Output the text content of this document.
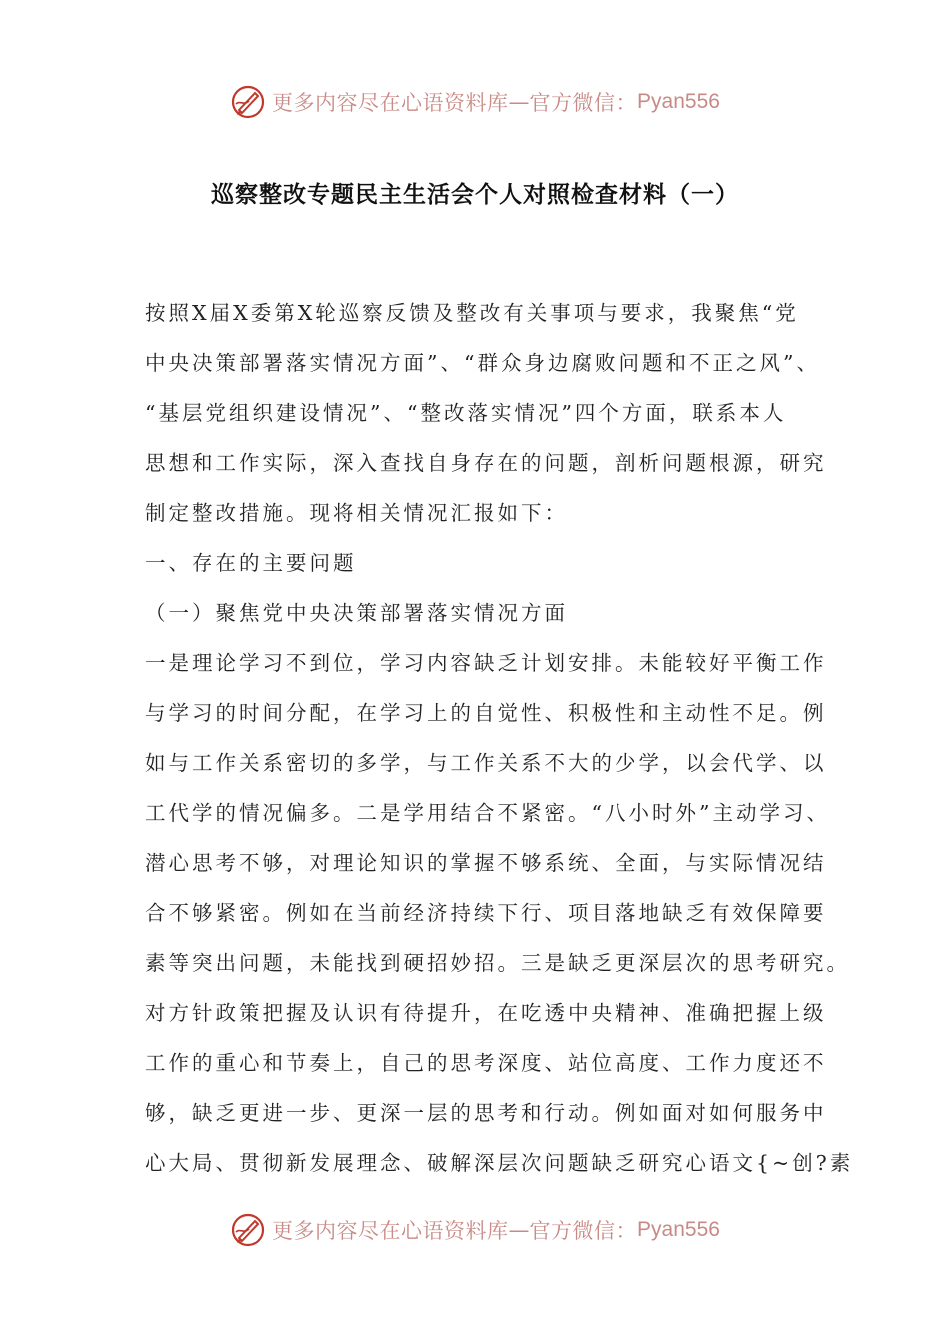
更多内容尽在心语资料库 — 官方微信： Pyan556
巡察整改专题民主生活会个人对照检查材料（一）
按照X届X委第X轮巡察反馈及整改有关事项与要求，我聚焦“党
中央决策部署落实情况方面”、“群众身边腐败问题和不正之风”、
“基层党组织建设情况”、“整改落实情况”四个方面，联系本人
思想和工作实际，深入查找自身存在的问题，剖析问题根源，研究
制定整改措施。现将相关情况汇报如下：
一、存在的主要问题
（一）聚焦党中央决策部署落实情况方面
一是理论学习不到位，学习内容缺乏计划安排。未能较好平衡工作
与学习的时间分配，在学习上的自觉性、积极性和主动性不足。例
如与工作关系密切的多学，与工作关系不大的少学，以会代学、以
工代学的情况偏多。二是学用结合不紧密。“八小时外”主动学习、
潜心思考不够，对理论知识的掌握不够系统、全面，与实际情况结
合不够紧密。例如在当前经济持续下行、项目落地缺乏有效保障要
素等突出问题，未能找到硬招妙招。三是缺乏更深层次的思考研究。
对方针政策把握及认识有待提升，在吃透中央精神、准确把握上级
工作的重心和节奏上，自己的思考深度、站位高度、工作力度还不
够，缺乏更进一步、更深一层的思考和行动。例如面对如何服务中
心大局、贯彻新发展理念、破解深层次问题缺乏研究心语文{~创?素
更多内容尽在心语资料库 — 官方微信： Pyan556
